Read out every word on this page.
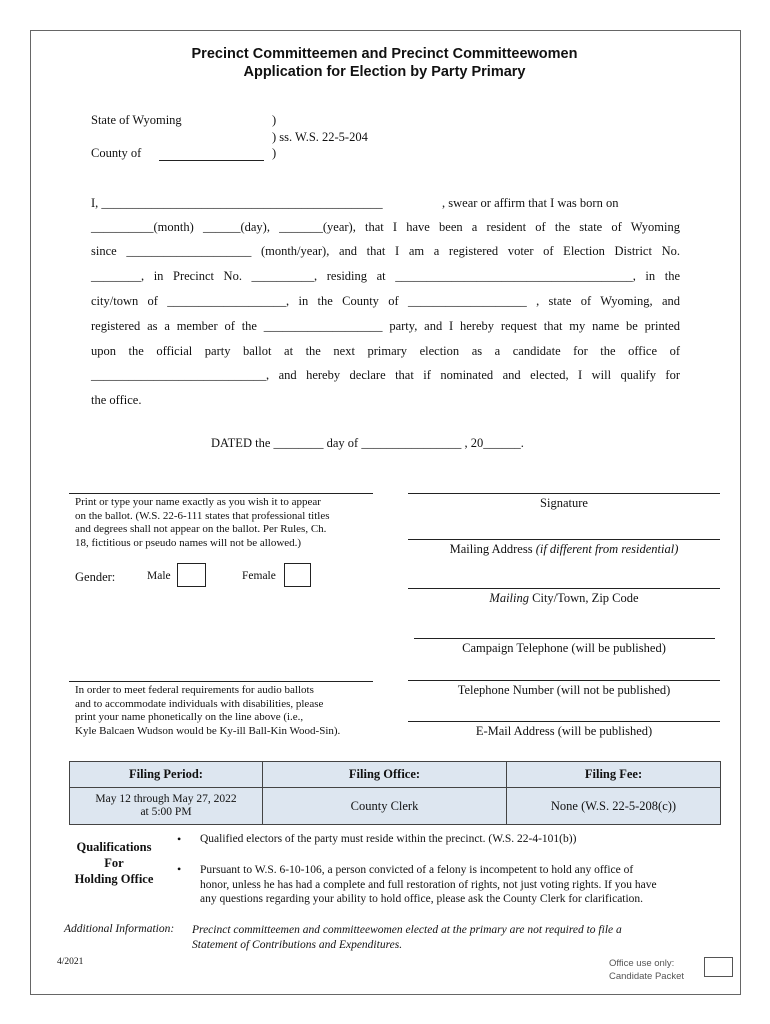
Precinct Committeemen and Precinct Committeewomen
Application for Election by Party Primary
State of Wyoming
County of
)
) ss. W.S. 22-5-204
)
I, _____________________________________________	, swear or affirm that I was born on
__________(month) ______(day), _______(year), that I have been a resident of the state of Wyoming
since ____________________ (month/year), and that I am a registered voter of Election District No.
________, in Precinct No. __________, residing at ______________________________________, in the
city/town of ___________________, in the County of ___________________ , state of Wyoming, and
registered as a member of the ___________________ party, and I hereby request that my name be printed
upon the official party ballot at the next primary election as a candidate for the office of
____________________________, and hereby declare that if nominated and elected, I will qualify for
the office.
DATED the ________ day of ________________ , 20______.
Print or type your name exactly as you wish it to appear
on the ballot. (W.S. 22-6-111 states that professional titles
and degrees shall not appear on the ballot. Per Rules, Ch.
18, fictitious or pseudo names will not be allowed.)
Gender:	Male	Female
In order to meet federal requirements for audio ballots
and to accommodate individuals with disabilities, please
print your name phonetically on the line above (i.e.,
Kyle Balcaen Wudson would be Ky-ill Ball-Kin Wood-Sin).
Signature
Mailing Address (if different from residential)
Mailing City/Town, Zip Code
Campaign Telephone (will be published)
Telephone Number (will not be published)
E-Mail Address (will be published)
Filing Period:	Filing Office:	Filing Fee:

May 12 through May 27, 2022
at 5:00 PM	County Clerk	None (W.S. 22-5-208(c))
Qualifications
For
Holding Office
• Qualified electors of the party must reside within the precinct. (W.S. 22-4-101(b))
• Pursuant to W.S. 6-10-106, a person convicted of a felony is incompetent to hold any office of
honor, unless he has had a complete and full restoration of rights, not just voting rights. If you have
any questions regarding your ability to hold office, please ask the County Clerk for clarification.
Additional Information: Precinct committeemen and committeewomen elected at the primary are not required to file a
Statement of Contributions and Expenditures.
4/2021	Office use only:
Candidate Packet
